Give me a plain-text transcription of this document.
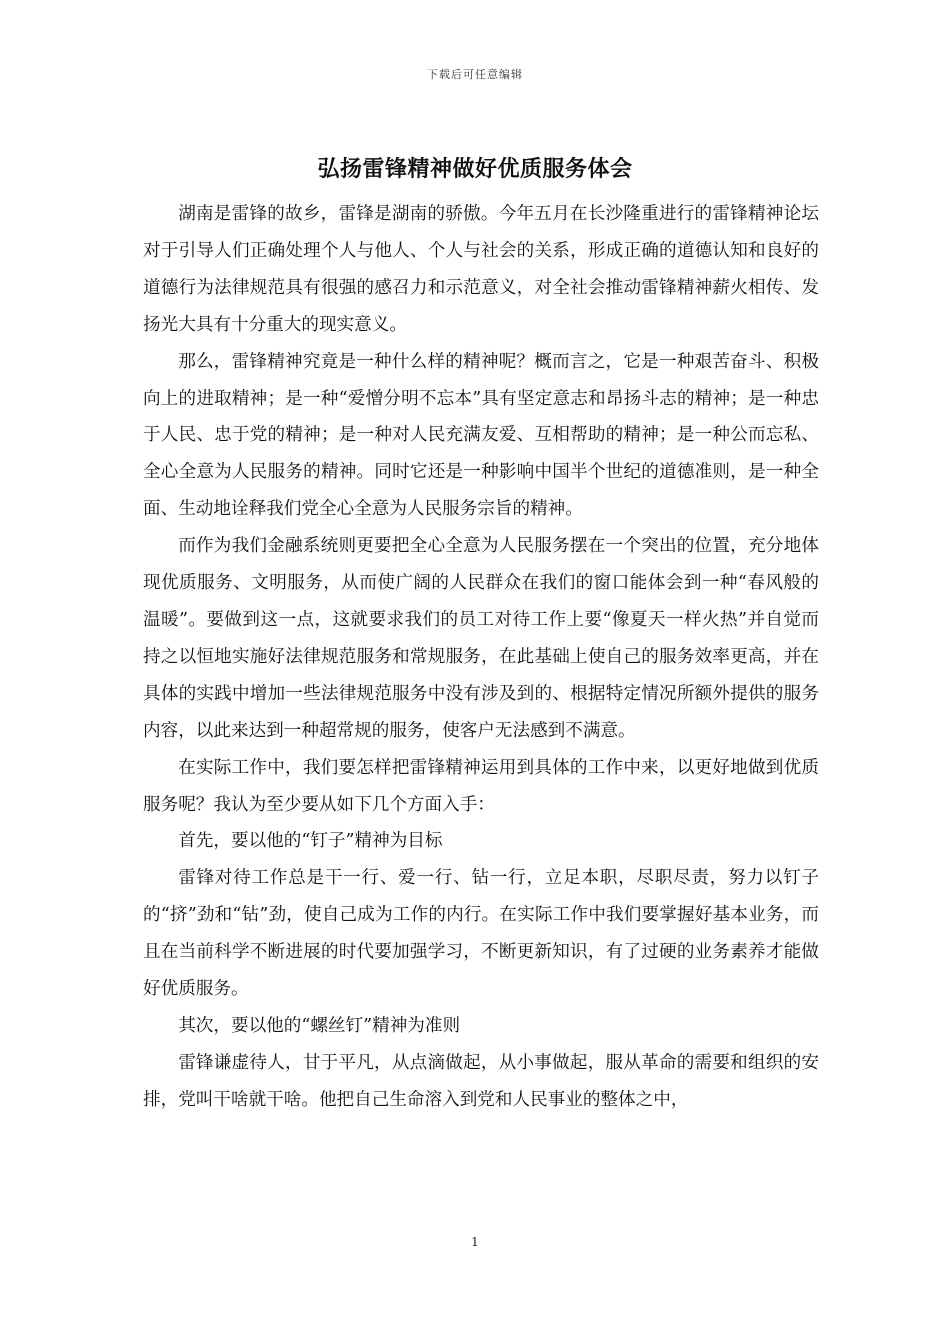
下载后可任意编辑
弘扬雷锋精神做好优质服务体会

湖南是雷锋的故乡，雷锋是湖南的骄傲。今年五月在长沙隆重进行的雷锋精神论坛对于引导人们正确处理个人与他人、个人与社会的关系，形成正确的道德认知和良好的道德行为法律规范具有很强的感召力和示范意义，对全社会推动雷锋精神薪火相传、发扬光大具有十分重大的现实意义。

那么，雷锋精神究竟是一种什么样的精神呢？概而言之，它是一种艰苦奋斗、积极向上的进取精神；是一种“爱憎分明不忘本”具有坚定意志和昂扬斗志的精神；是一种忠于人民、忠于党的精神；是一种对人民充满友爱、互相帮助的精神；是一种公而忘私、全心全意为人民服务的精神。同时它还是一种影响中国半个世纪的道德准则，是一种全面、生动地诠释我们党全心全意为人民服务宗旨的精神。

而作为我们金融系统则更要把全心全意为人民服务摆在一个突出的位置，充分地体现优质服务、文明服务，从而使广阔的人民群众在我们的窗口能体会到一种“春风般的温暖”。要做到这一点，这就要求我们的员工对待工作上要“像夏天一样火热”并自觉而持之以恒地实施好法律规范服务和常规服务，在此基础上使自己的服务效率更高，并在具体的实践中增加一些法律规范服务中没有涉及到的、根据特定情况所额外提供的服务内容，以此来达到一种超常规的服务，使客户无法感到不满意。

在实际工作中，我们要怎样把雷锋精神运用到具体的工作中来，以更好地做到优质服务呢？我认为至少要从如下几个方面入手：

首先，要以他的“钉子”精神为目标

雷锋对待工作总是干一行、爱一行、钻一行，立足本职，尽职尽责，努力以钉子的“挤”劲和“钻”劲，使自己成为工作的内行。在实际工作中我们要掌握好基本业务，而且在当前科学不断进展的时代要加强学习，不断更新知识，有了过硬的业务素养才能做好优质服务。

其次，要以他的“螺丝钉”精神为准则

雷锋谦虚待人，甘于平凡，从点滴做起，从小事做起，服从革命的需要和组织的安排，党叫干啥就干啥。他把自己生命溶入到党和人民事业的整体之中，

1
